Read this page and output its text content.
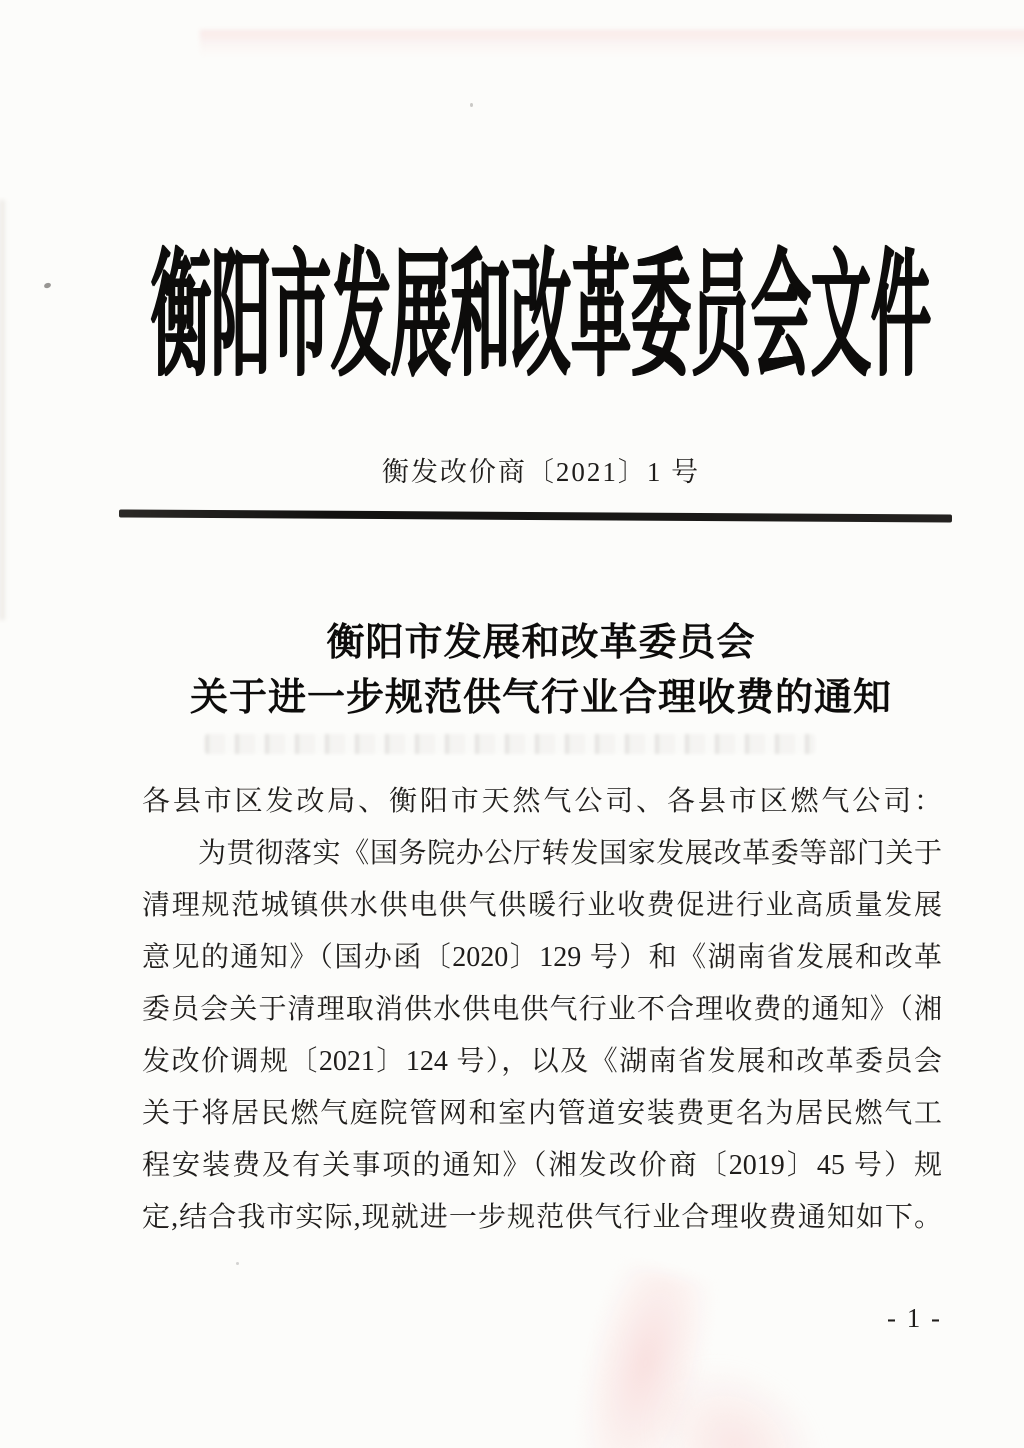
衡阳市发展和改革委员会文件
衡发改价商〔2021〕1 号
衡阳市发展和改革委员会
关于进一步规范供气行业合理收费的通知
各县市区发改局、衡阳市天然气公司、各县市区燃气公司：
为贯彻落实《国务院办公厅转发国家发展改革委等部门关于
清理规范城镇供水供电供气供暖行业收费促进行业高质量发展
意见的通知》（国办函〔2020〕129 号）和《湖南省发展和改革
委员会关于清理取消供水供电供气行业不合理收费的通知》（湘
发改价调规〔2021〕124 号），以及《湖南省发展和改革委员会
关于将居民燃气庭院管网和室内管道安装费更名为居民燃气工
程安装费及有关事项的通知》（湘发改价商〔2019〕45 号）规
定,结合我市实际,现就进一步规范供气行业合理收费通知如下。
- 1 -
